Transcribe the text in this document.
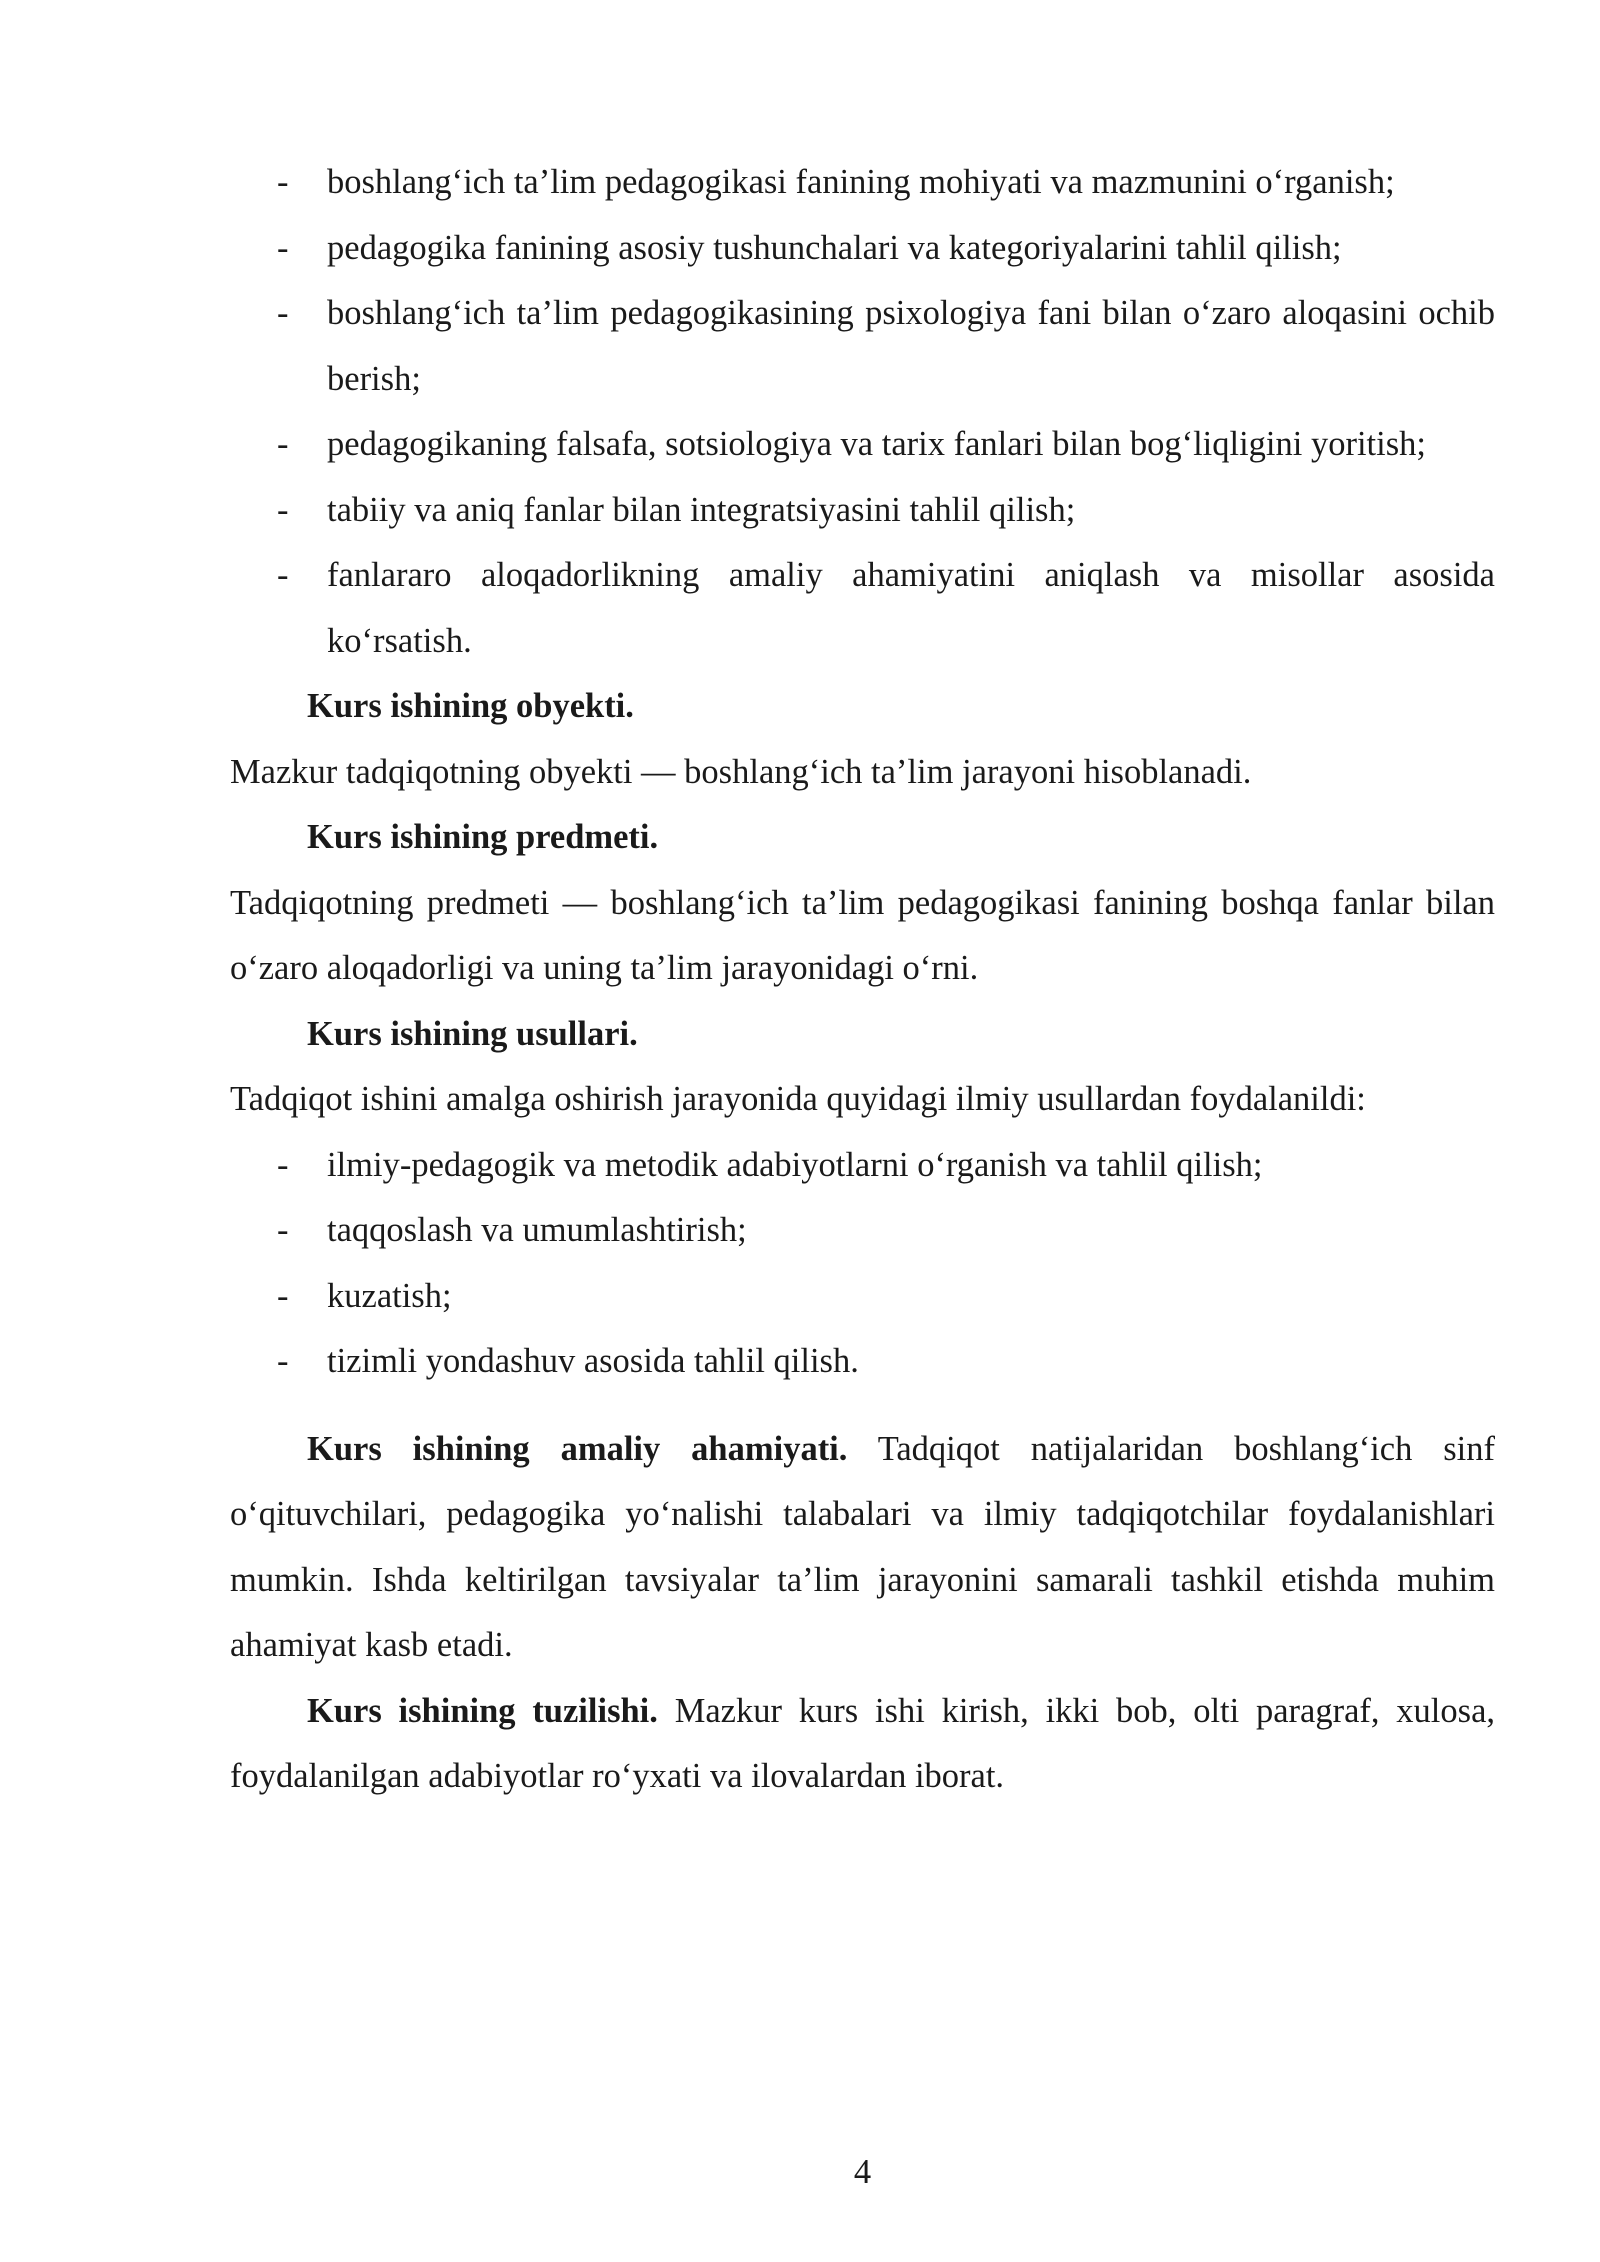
- boshlang‘ich ta’lim pedagogikasi fanining mohiyati va mazmunini o‘rganish;
- pedagogika fanining asosiy tushunchalari va kategoriyalarini tahlil qilish;
- boshlang‘ich ta’lim pedagogikasining psixologiya fani bilan o‘zaro aloqasini ochib berish;
- pedagogikaning falsafa, sotsiologiya va tarix fanlari bilan bog‘liqligini yoritish;
- tabiiy va aniq fanlar bilan integratsiyasini tahlil qilish;
- fanlararo aloqadorlikning amaliy ahamiyatini aniqlash va misollar asosida ko‘rsatish.

Kurs ishining obyekti.

Mazkur tadqiqotning obyekti — boshlang‘ich ta’lim jarayoni hisoblanadi.

Kurs ishining predmeti.

Tadqiqotning predmeti — boshlang‘ich ta’lim pedagogikasi fanining boshqa fanlar bilan o‘zaro aloqadorligi va uning ta’lim jarayonidagi o‘rni.

Kurs ishining usullari.

Tadqiqot ishini amalga oshirish jarayonida quyidagi ilmiy usullardan foydalanildi:

- ilmiy-pedagogik va metodik adabiyotlarni o‘rganish va tahlil qilish;
- taqqoslash va umumlashtirish;
- kuzatish;
- tizimli yondashuv asosida tahlil qilish.

Kurs ishining amaliy ahamiyati. Tadqiqot natijalaridan boshlang‘ich sinf o‘qituvchilari, pedagogika yo‘nalishi talabalari va ilmiy tadqiqotchilar foydalanishlari mumkin. Ishda keltirilgan tavsiyalar ta’lim jarayonini samarali tashkil etishda muhim ahamiyat kasb etadi.

Kurs ishining tuzilishi. Mazkur kurs ishi kirish, ikki bob, olti paragraf, xulosa, foydalanilgan adabiyotlar ro‘yxati va ilovalardan iborat.

4
